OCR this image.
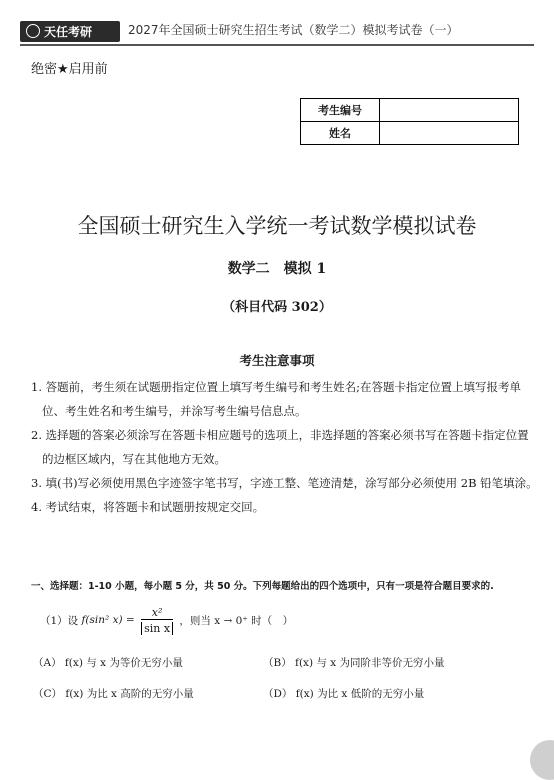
天任考研	2027年全国硕士研究生招生考试（数学二）模拟考试卷（一）
绝密★启用前
考生编号	
姓名	
全国硕士研究生入学统一考试数学模拟试卷
数学二　模拟 1
（科目代码 302）
考生注意事项
1. 答题前，考生须在试题册指定位置上填写考生编号和考生姓名;在答题卡指定位置上填写报考单
位、考生姓名和考生编号，并涂写考生编号信息点。
2. 选择题的答案必须涂写在答题卡相应题号的选项上，非选择题的答案必须书写在答题卡指定位置
的边框区域内，写在其他地方无效。
3. 填(书)写必须使用黑色字迹签字笔书写，字迹工整、笔迹清楚，涂写部分必须使用 2B 铅笔填涂。
4. 考试结束，将答题卡和试题册按规定交回。
一、选择题：1-10 小题，每小题 5 分，共 50 分。下列每题给出的四个选项中，只有一项是符合题目要求的.
（1）设 f(sin² $x) = \frac{\text{x²}}{\text{sin x}}$ ，则当 x → 0⁺ 时（　）
（A） f(x) 与 x 为等价无穷小量	（B） f(x) 与 x 为同阶非等价无穷小量
（C） f(x) 为比 x 高阶的无穷小量	（D） f(x) 为比 x 低阶的无穷小量
